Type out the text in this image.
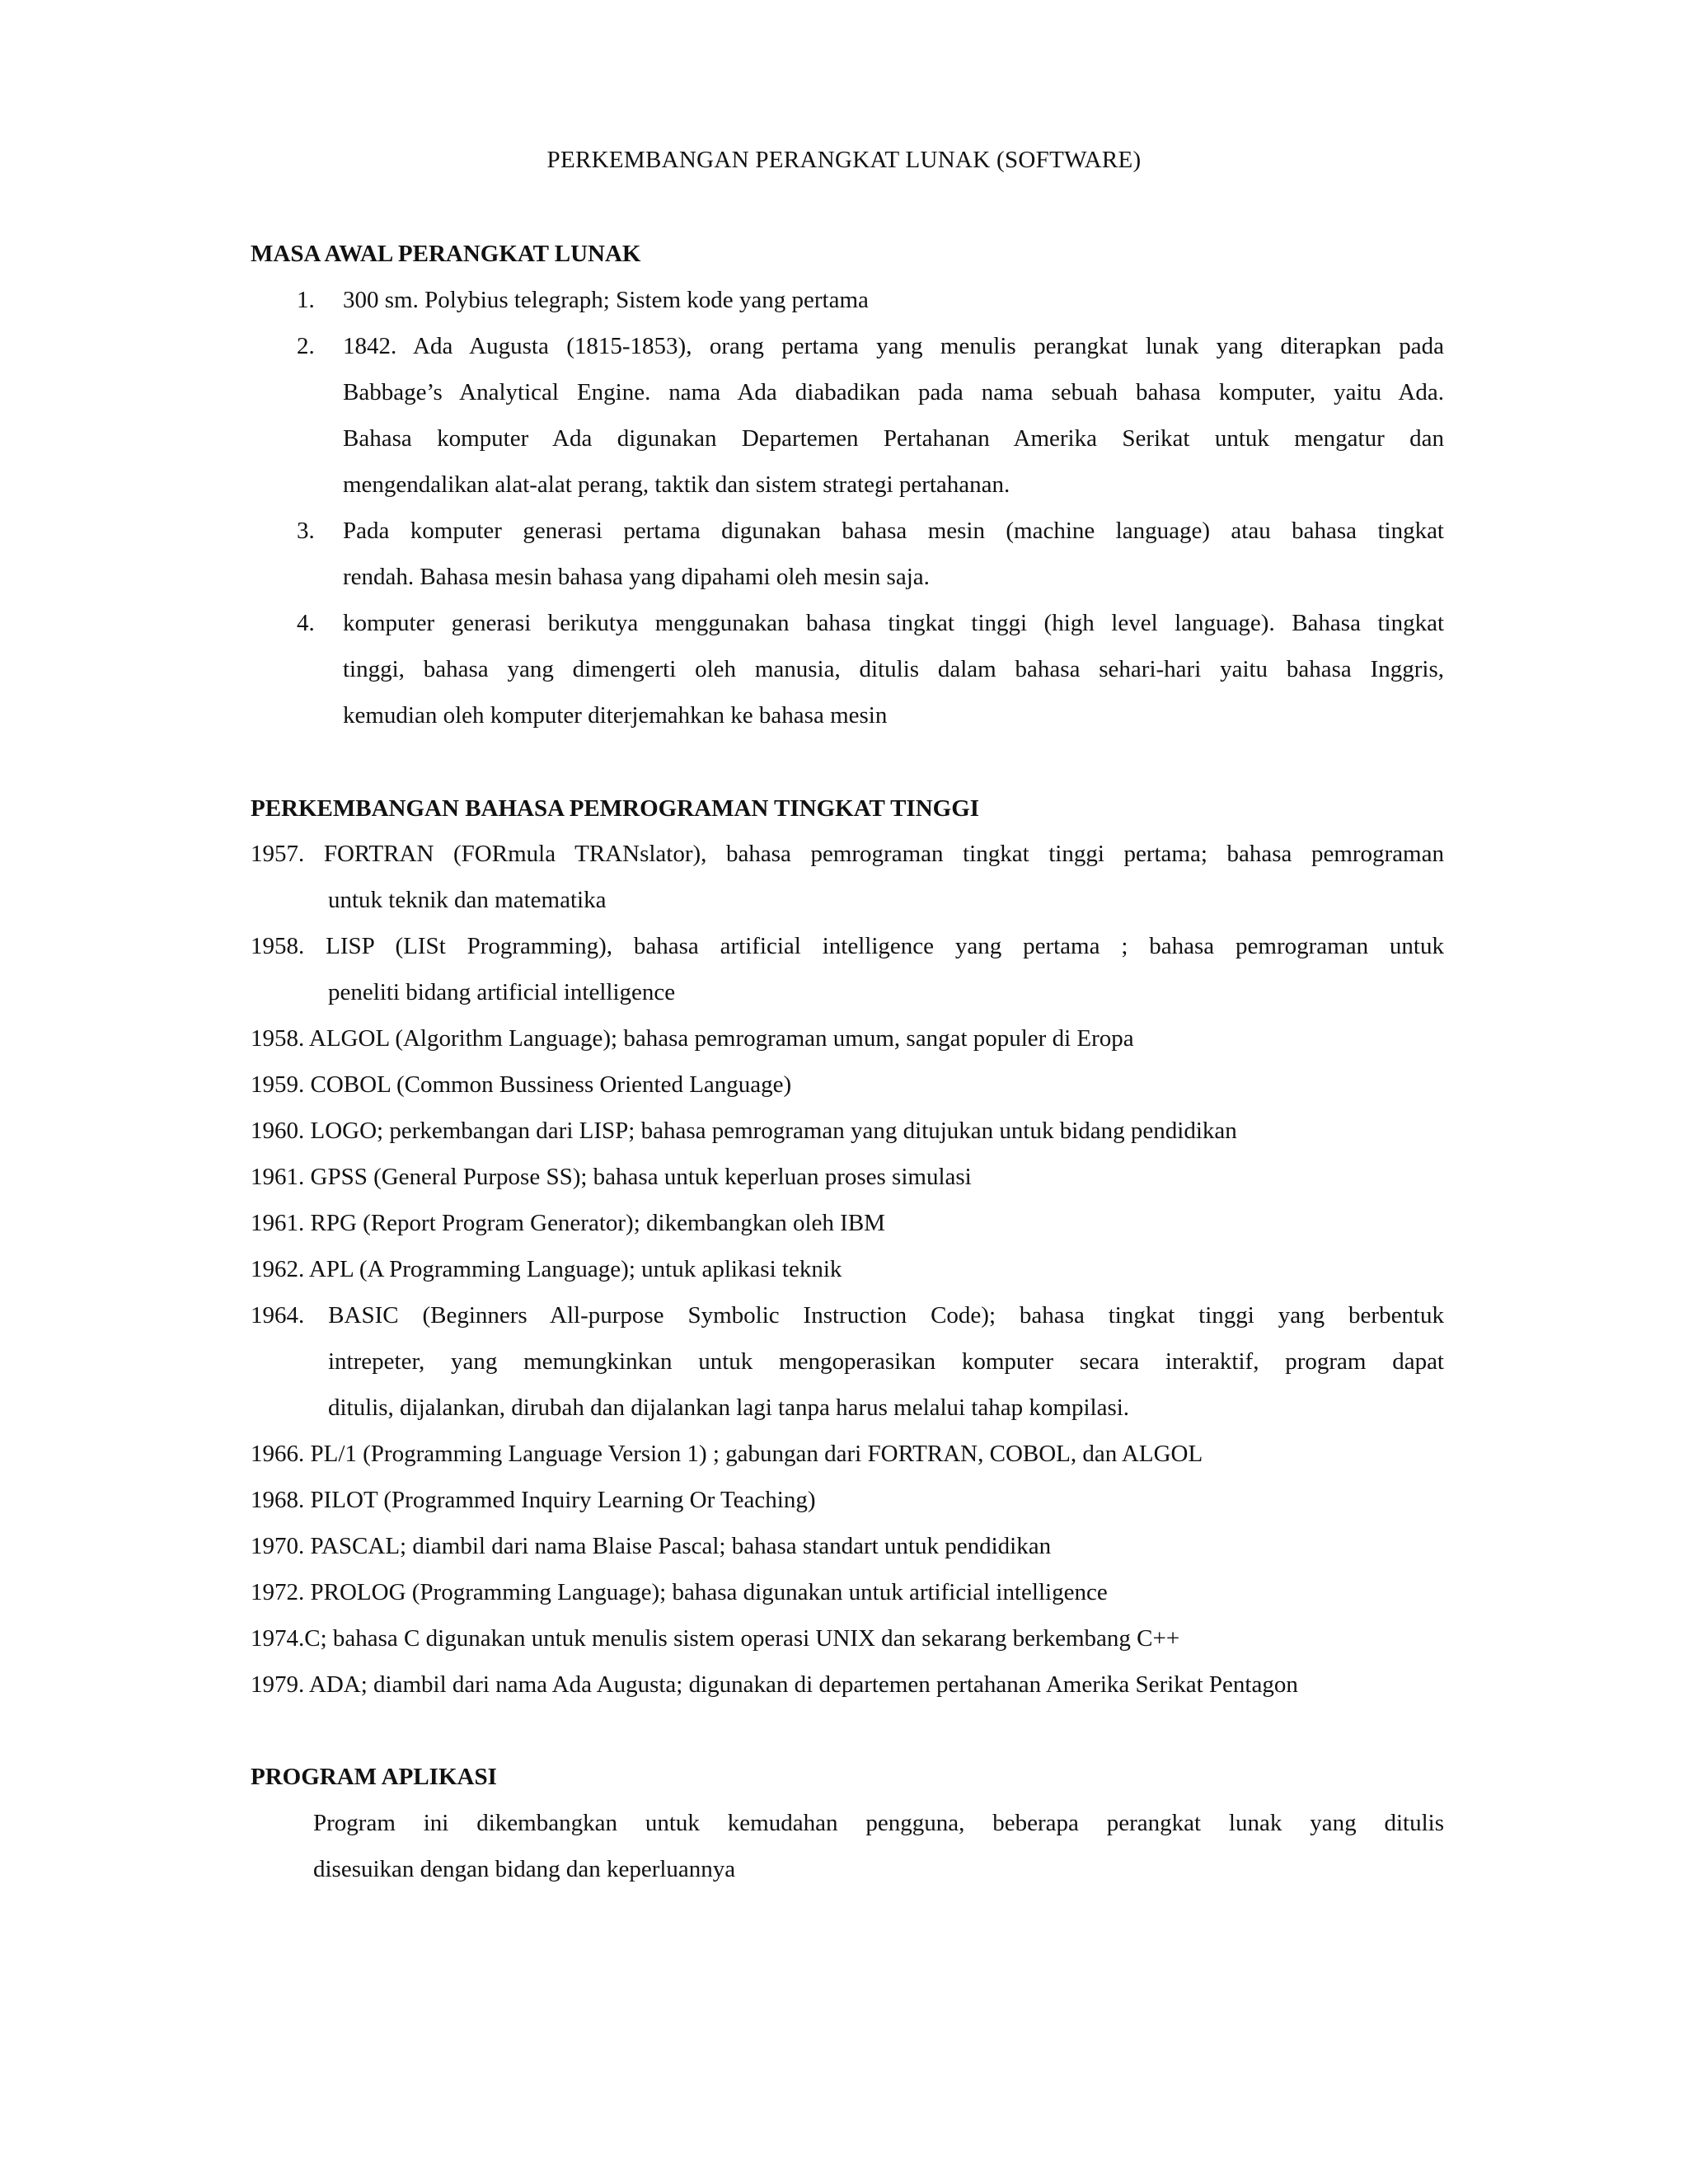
PERKEMBANGAN PERANGKAT LUNAK (SOFTWARE)
MASA AWAL PERANGKAT LUNAK
1. 300 sm. Polybius telegraph; Sistem kode yang pertama
2. 1842. Ada Augusta (1815-1853), orang pertama yang menulis perangkat lunak yang diterapkan pada
Babbage’s Analytical Engine. nama Ada diabadikan pada nama sebuah bahasa komputer, yaitu Ada.
Bahasa komputer Ada digunakan Departemen Pertahanan Amerika Serikat untuk mengatur dan
mengendalikan alat-alat perang, taktik dan sistem strategi pertahanan.
3. Pada komputer generasi pertama digunakan bahasa mesin (machine language) atau bahasa tingkat
rendah. Bahasa mesin bahasa yang dipahami oleh mesin saja.
4. komputer generasi berikutya menggunakan bahasa tingkat tinggi (high level language). Bahasa tingkat
tinggi, bahasa yang dimengerti oleh manusia, ditulis dalam bahasa sehari-hari yaitu bahasa Inggris,
kemudian oleh komputer diterjemahkan ke bahasa mesin
PERKEMBANGAN BAHASA PEMROGRAMAN TINGKAT TINGGI
1957. FORTRAN (FORmula TRANslator), bahasa pemrograman tingkat tinggi pertama; bahasa pemrograman
untuk teknik dan matematika
1958. LISP (LISt Programming), bahasa artificial intelligence yang pertama ; bahasa pemrograman untuk
peneliti bidang artificial intelligence
1958. ALGOL (Algorithm Language); bahasa pemrograman umum, sangat populer di Eropa
1959. COBOL (Common Bussiness Oriented Language)
1960. LOGO; perkembangan dari LISP; bahasa pemrograman yang ditujukan untuk bidang pendidikan
1961. GPSS (General Purpose SS); bahasa untuk keperluan proses simulasi
1961. RPG (Report Program Generator); dikembangkan oleh IBM
1962. APL (A Programming Language); untuk aplikasi teknik
1964. BASIC (Beginners All-purpose Symbolic Instruction Code); bahasa tingkat tinggi yang berbentuk
intrepeter, yang memungkinkan untuk mengoperasikan komputer secara interaktif, program dapat
ditulis, dijalankan, dirubah dan dijalankan lagi tanpa harus melalui tahap kompilasi.
1966. PL/1 (Programming Language Version 1) ; gabungan dari FORTRAN, COBOL, dan ALGOL
1968. PILOT (Programmed Inquiry Learning Or Teaching)
1970. PASCAL; diambil dari nama Blaise Pascal; bahasa standart untuk pendidikan
1972. PROLOG (Programming Language); bahasa digunakan untuk artificial intelligence
1974.C; bahasa C digunakan untuk menulis sistem operasi UNIX dan sekarang berkembang C++
1979. ADA; diambil dari nama Ada Augusta; digunakan di departemen pertahanan Amerika Serikat Pentagon
PROGRAM APLIKASI
Program ini dikembangkan untuk kemudahan pengguna, beberapa perangkat lunak yang ditulis
disesuikan dengan bidang dan keperluannya
